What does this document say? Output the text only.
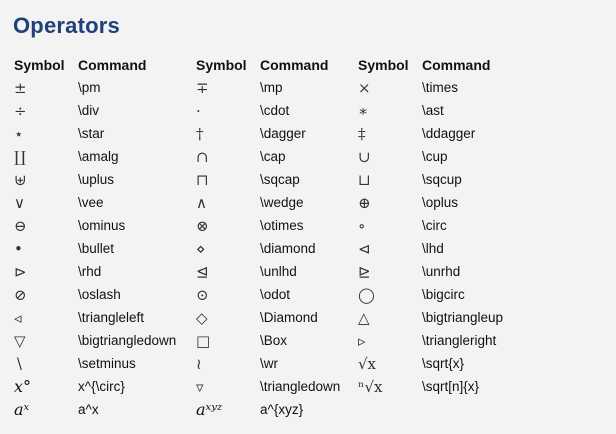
Operators
Symbol	Command	Symbol	Command	Symbol	Command
±	\pm	∓	\mp	×	\times
÷	\div	·	\cdot	∗	\ast
⋆	\star	†	\dagger	‡	\ddagger
∐	\amalg	∩	\cap	∪	\cup
⊎	\uplus	⊓	\sqcap	⊔	\sqcup
∨	\vee	∧	\wedge	⊕	\oplus
⊖	\ominus	⊗	\otimes	∘	\circ
•	\bullet	⋄	\diamond	⊲	\lhd
⊳	\rhd	⊴	\unlhd	⊵	\unrhd
⊘	\oslash	⊙	\odot	◯	\bigcirc
◃	\triangleleft	◇	\Diamond	△	\bigtriangleup
▽	\bigtriangledown	□	\Box	▹	\triangleright
∖	\setminus	≀	\wr	√x	\sqrt{x}
x°	x^{\circ}	▿	\triangledown	ⁿ√x	\sqrt[n]{x}
aˣ	a^x	aˣʸᶻ	a^{xyz}		
